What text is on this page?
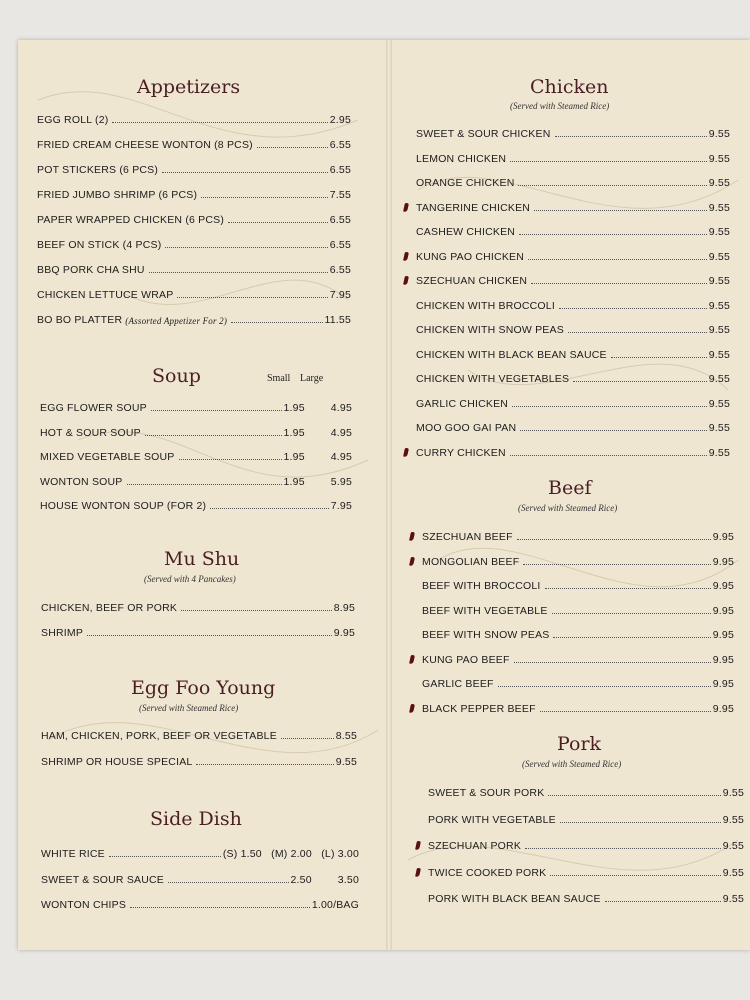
Appetizers
EGG ROLL (2)	2.95
FRIED CREAM CHEESE WONTON (8 PCS)	6.55
POT STICKERS (6 PCS)	6.55
FRIED JUMBO SHRIMP (6 PCS)	7.55
PAPER WRAPPED CHICKEN (6 PCS)	6.55
BEEF ON STICK (4 PCS)	6.55
BBQ PORK CHA SHU	6.55
CHICKEN LETTUCE WRAP	7.95
BO BO PLATTER (Assorted Appetizer For 2)	11.55
Soup	Small Large
EGG FLOWER SOUP	1.95 4.95
HOT & SOUR SOUP	1.95 4.95
MIXED VEGETABLE SOUP	1.95 4.95
WONTON SOUP	1.95 5.95
HOUSE WONTON SOUP (FOR 2)	7.95
Mu Shu
(Served with 4 Pancakes)
CHICKEN, BEEF OR PORK	8.95
SHRIMP	9.95
Egg Foo Young
(Served with Steamed Rice)
HAM, CHICKEN, PORK, BEEF OR VEGETABLE	8.55
SHRIMP OR HOUSE SPECIAL	9.55
Side Dish
WHITE RICE	(S) 1.50   (M) 2.00   (L) 3.00
SWEET & SOUR SAUCE	2.50 3.50
WONTON CHIPS	1.00/BAG
Chicken
(Served with Steamed Rice)
SWEET & SOUR CHICKEN	9.55
LEMON CHICKEN	9.55
ORANGE CHICKEN	9.55
TANGERINE CHICKEN	9.55
CASHEW CHICKEN	9.55
KUNG PAO CHICKEN	9.55
SZECHUAN CHICKEN	9.55
CHICKEN WITH BROCCOLI	9.55
CHICKEN WITH SNOW PEAS	9.55
CHICKEN WITH BLACK BEAN SAUCE	9.55
CHICKEN WITH VEGETABLES	9.55
GARLIC CHICKEN	9.55
MOO GOO GAI PAN	9.55
CURRY CHICKEN	9.55
Beef
(Served with Steamed Rice)
SZECHUAN BEEF	9.95
MONGOLIAN BEEF	9.95
BEEF WITH BROCCOLI	9.95
BEEF WITH VEGETABLE	9.95
BEEF WITH SNOW PEAS	9.95
KUNG PAO BEEF	9.95
GARLIC BEEF	9.95
BLACK PEPPER BEEF	9.95
Pork
(Served with Steamed Rice)
SWEET & SOUR PORK	9.55
PORK WITH VEGETABLE	9.55
SZECHUAN PORK	9.55
TWICE COOKED PORK	9.55
PORK WITH BLACK BEAN SAUCE	9.55
